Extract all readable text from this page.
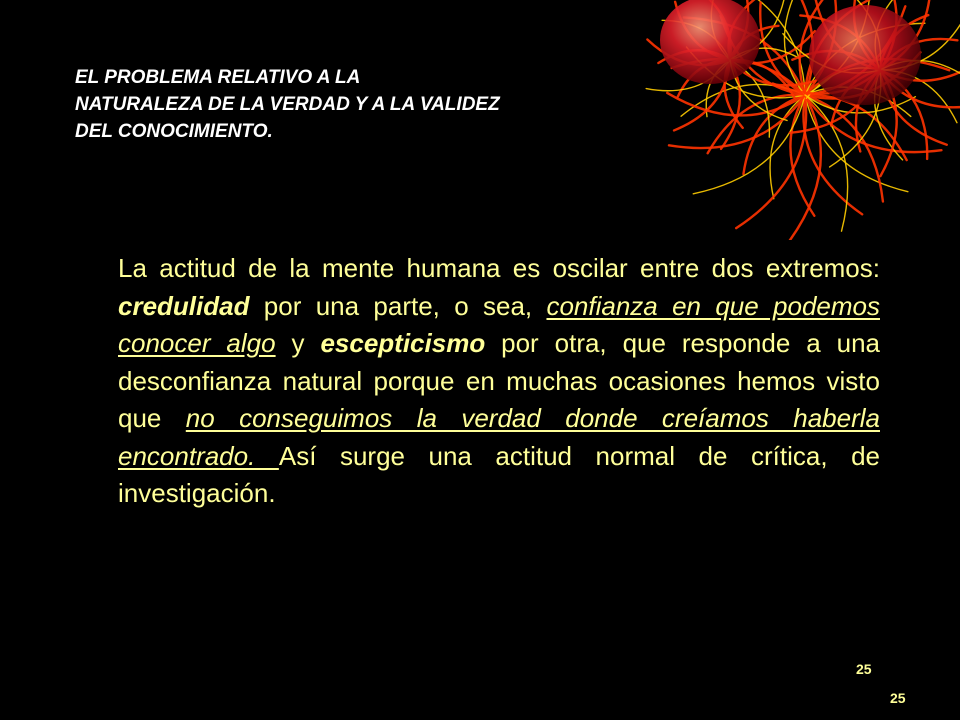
EL PROBLEMA RELATIVO A LA
NATURALEZA DE LA VERDAD Y A LA VALIDEZ
DEL CONOCIMIENTO.

La actitud de la mente humana es oscilar entre dos extremos: credulidad por una parte, o sea, confianza en que podemos conocer algo y escepticismo por otra, que responde a una desconfianza natural porque en muchas ocasiones hemos visto que no conseguimos la verdad donde creíamos haberla encontrado. Así surge una actitud normal de crítica, de investigación.

25
25
